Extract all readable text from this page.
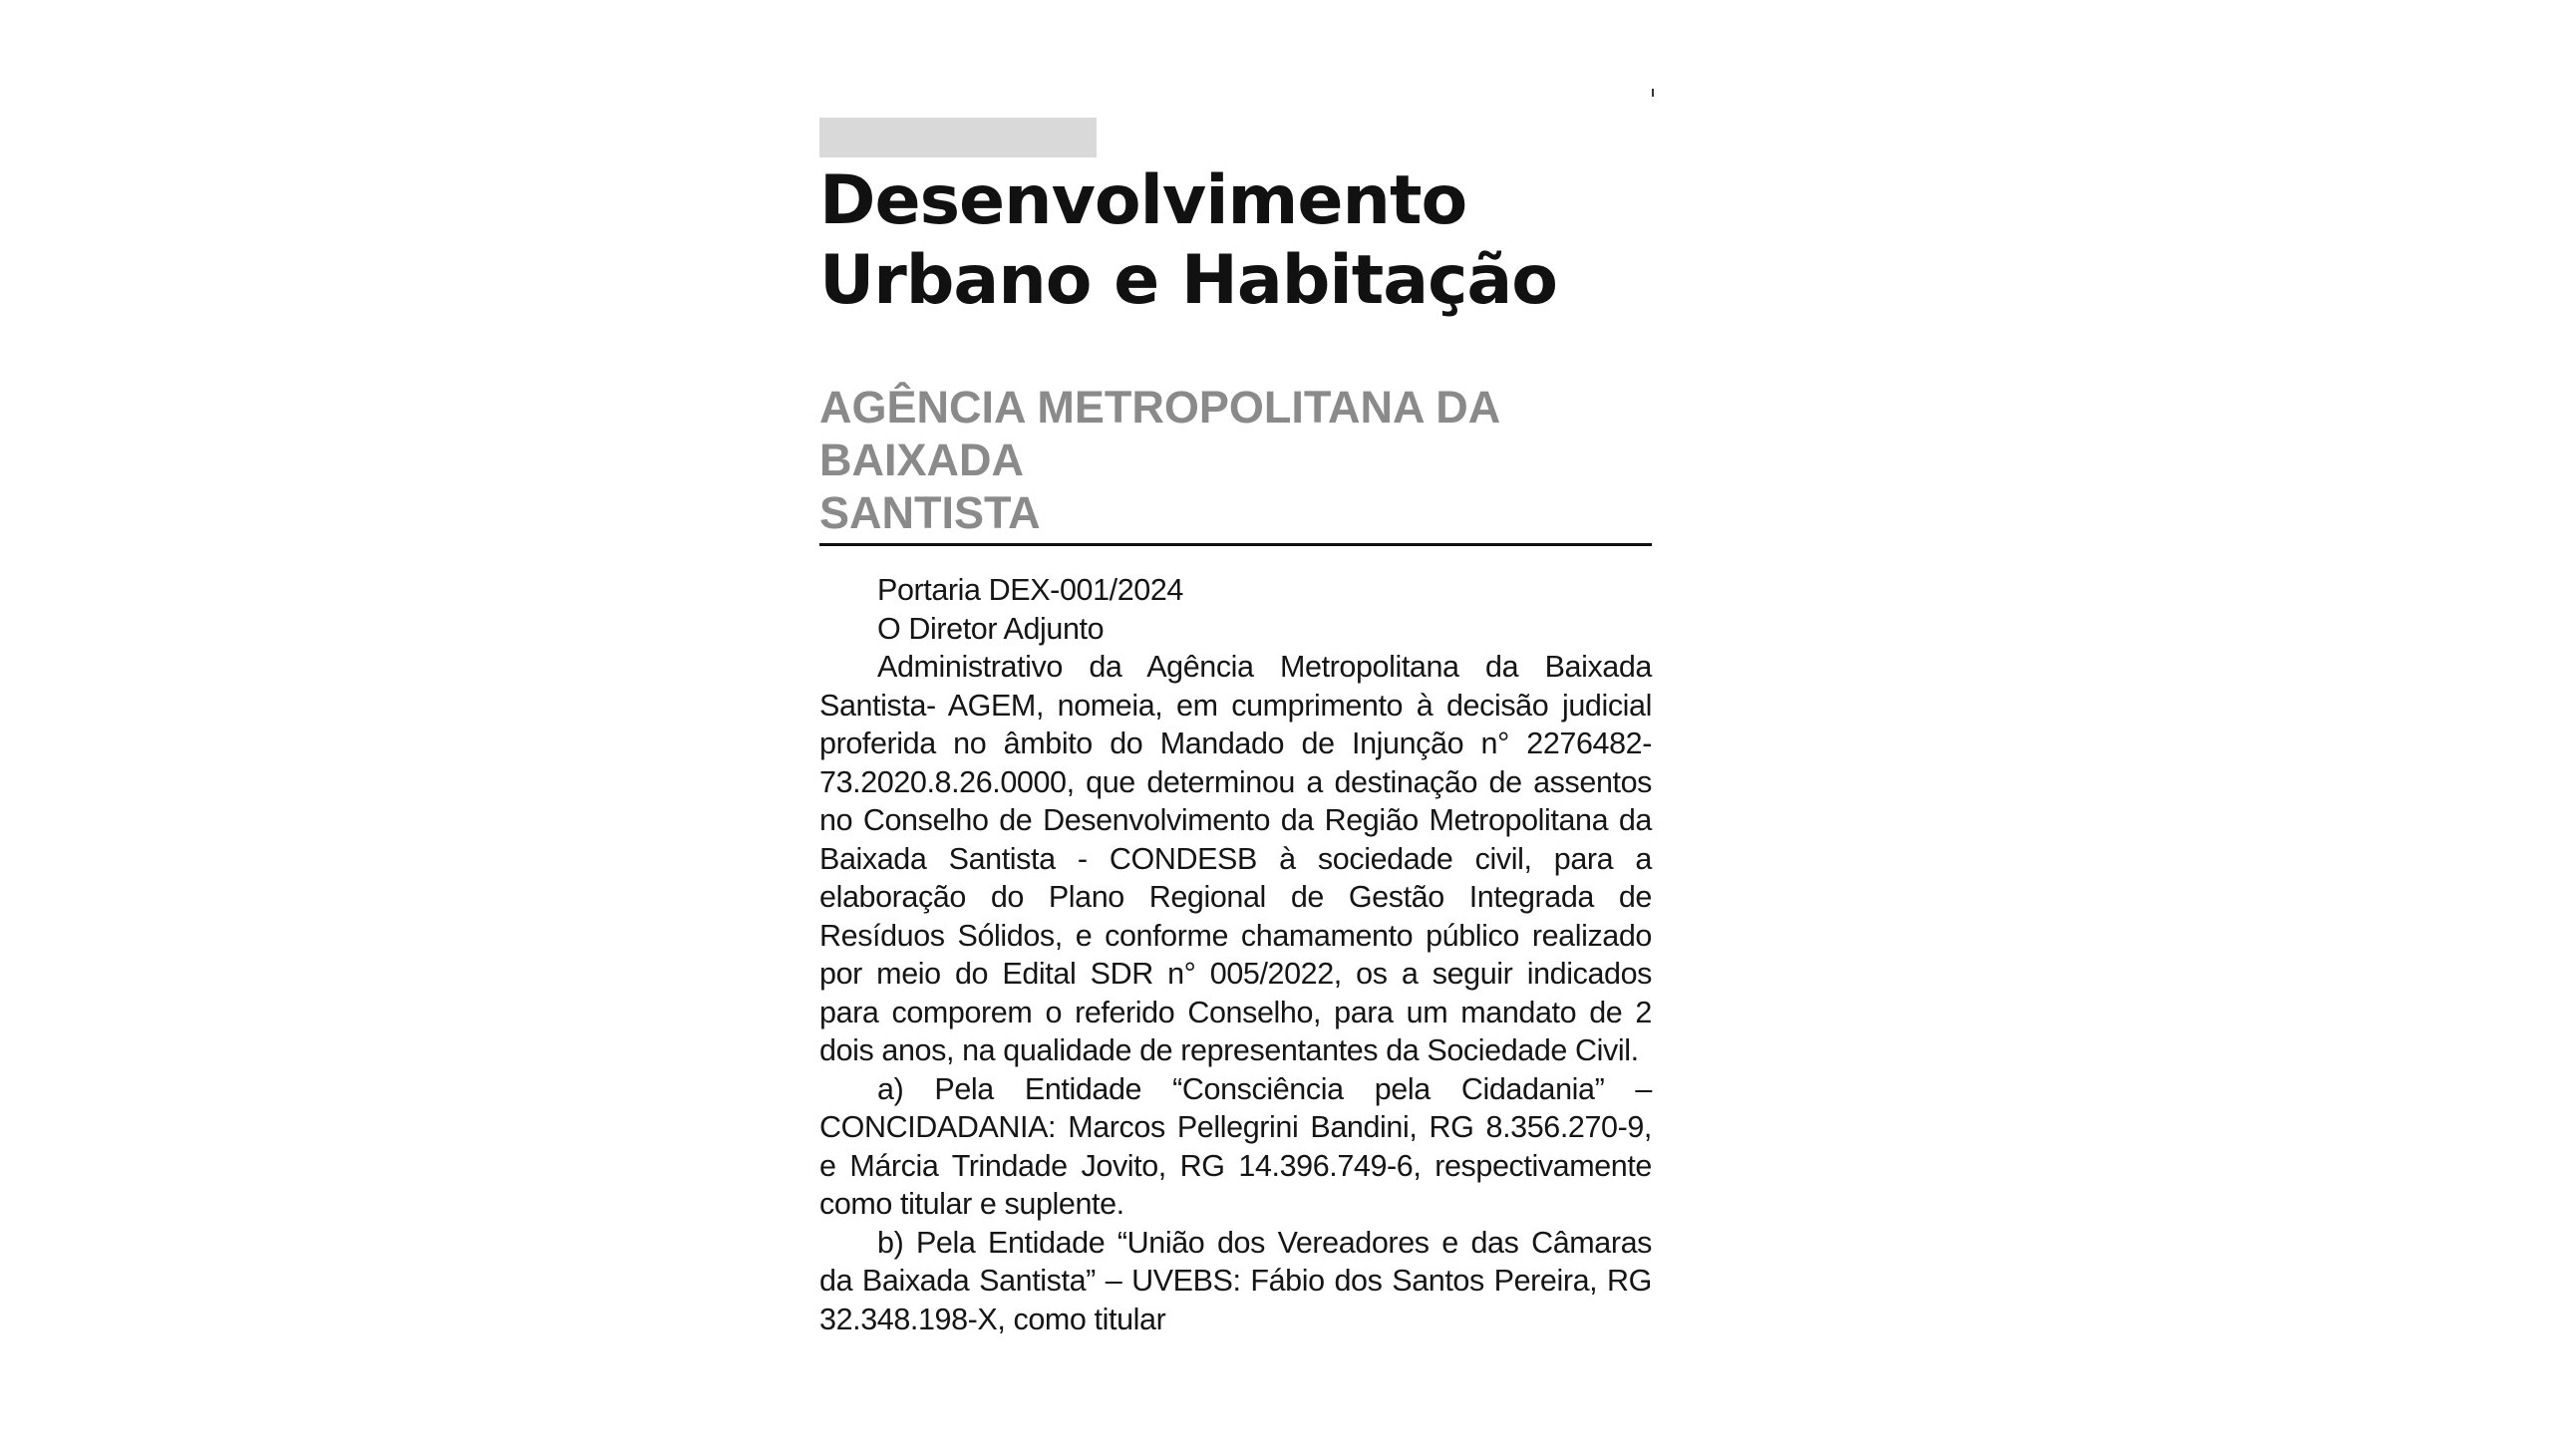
Desenvolvimento
Urbano e Habitação
AGÊNCIA METROPOLITANA DA BAIXADA
SANTISTA

Portaria DEX-001/2024

O Diretor Adjunto

Administrativo da Agência Metropolitana da Baixada Santista- AGEM, nomeia, em cumprimento à decisão judicial proferida no âmbito do Mandado de Injunção n° 2276482-73.2020.8.26.0000, que determinou a destinação de assentos no Conselho de Desenvolvimento da Região Metropolitana da Baixada Santista - CONDESB à sociedade civil, para a elaboração do Plano Regional de Gestão Integrada de Resíduos Sólidos, e conforme chamamento público realizado por meio do Edital SDR n° 005/2022, os a seguir indicados para comporem o referido Conselho, para um mandato de 2 dois anos, na qualidade de representantes da Sociedade Civil.

a) Pela Entidade “Consciência pela Cidadania” – CONCIDADANIA: Marcos Pellegrini Bandini, RG 8.356.270-9, e Márcia Trindade Jovito, RG 14.396.749-6, respectivamente como titular e suplente.

b) Pela Entidade “União dos Vereadores e das Câmaras da Baixada Santista” – UVEBS: Fábio dos Santos Pereira, RG 32.348.198-X, como titular
